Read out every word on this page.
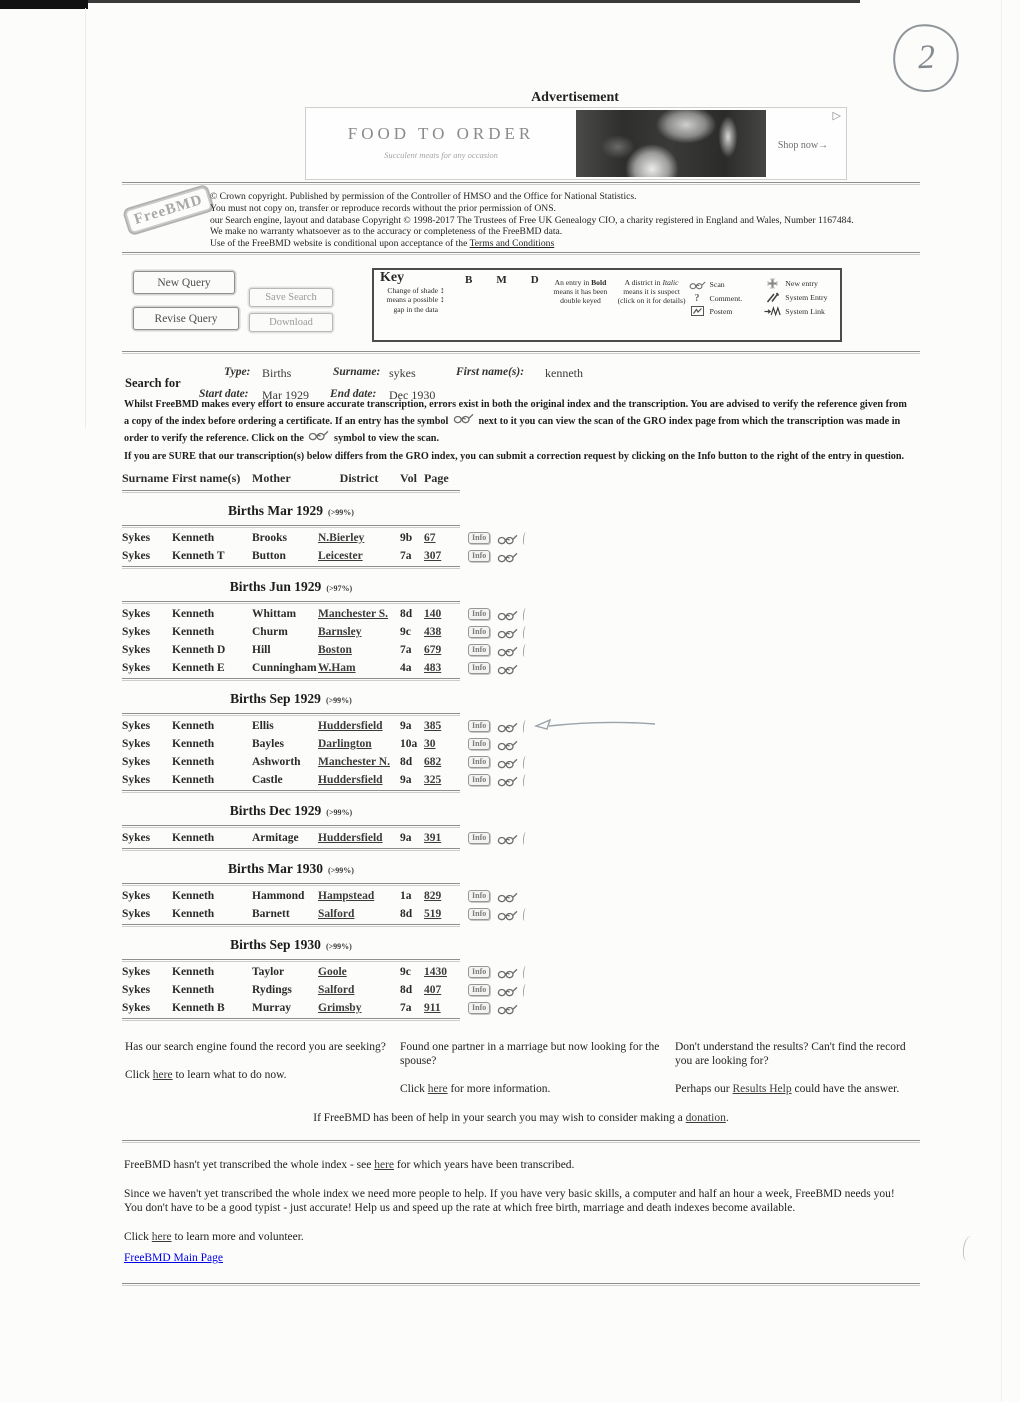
2
Advertisement
FOOD TO ORDER
Succulent meats for any occasion
Shop now→
▷
FreeBMD © Crown copyright. Published by permission of the Controller of HMSO and the Office for National Statistics.
You must not copy on, transfer or reproduce records without the prior permission of ONS.
our Search engine, layout and database Copyright © 1998-2017 The Trustees of Free UK Genealogy CIO, a charity registered in England and Wales, Number 1167484.
We make no warranty whatsoever as to the accuracy or completeness of the FreeBMD data.
Use of the FreeBMD website is conditional upon acceptance of the Terms and Conditions
New Query
Revise Query
Save Search
Download
Key
Change of shade means a possible gap in the data
↕
↕
B M D	An entry in Bold means it has been double keyed
A district in Italic means it is suspect (click on it for details)
Scan
? Comment.
Postem
New entry
System Entry
System Link
Search for
Type: Births	Surname: sykes	First name(s): kenneth
Start date: Mar 1929 End date: Dec 1930

Whilst FreeBMD makes every effort to ensure accurate transcription, errors exist in both the original index and the transcription. You are advised to verify the reference given from a copy of the index before ordering a certificate. If an entry has the symbol	next to it you can view the scan of the GRO index page from which the transcription was made in order to verify the reference. Click on the	symbol to view the scan.

If you are SURE that our transcription(s) below differs from the GRO index, you can submit a correction request by clicking on the Info button to the right of the entry in question.

Surname First name(s) Mother	District	Vol Page
Births Mar 1929 (>99%)
Sykes	Kenneth	Brooks	N.Bierley	9b	67	Info
Sykes	Kenneth T	Button	Leicester	7a	307	Info
Births Jun 1929 (>97%)
Sykes	Kenneth	Whittam	Manchester S.	8d	140	Info
Sykes	Kenneth	Churm	Barnsley	9c	438	Info
Sykes	Kenneth D	Hill	Boston	7a	679	Info
Sykes	Kenneth E	Cunningham W.Ham	4a	483	Info
Births Sep 1929 (>99%)
Sykes	Kenneth	Ellis	Huddersfield	9a	385	Info
Sykes	Kenneth	Bayles	Darlington	10a 30	Info
Sykes	Kenneth	Ashworth	Manchester N. 8d	682	Info
Sykes	Kenneth	Castle	Huddersfield	9a	325	Info
Births Dec 1929 (>99%)
Sykes	Kenneth	Armitage	Huddersfield	9a	391	Info
Births Mar 1930 (>99%)
Sykes	Kenneth	Hammond	Hampstead	1a	829	Info
Sykes	Kenneth	Barnett	Salford	8d	519	Info
Births Sep 1930 (>99%)
Sykes	Kenneth	Taylor	Goole	9c	1430	Info
Sykes	Kenneth	Rydings	Salford	8d	407	Info
Sykes	Kenneth B	Murray	Grimsby	7a	911	Info
Has our search engine found the record you are seeking?
Click here to learn what to do now.
Found one partner in a marriage but now looking for the spouse?
Click here for more information.
Don't understand the results? Can't find the record you are looking for?
Perhaps our Results Help could have the answer.
If FreeBMD has been of help in your search you may wish to consider making a donation.

FreeBMD hasn't yet transcribed the whole index - see here for which years have been transcribed.

Since we haven't yet transcribed the whole index we need more people to help. If you have very basic skills, a computer and half an hour a week, FreeBMD needs you! You don't have to be a good typist - just accurate! Help us and speed up the rate at which free birth, marriage and death indexes become available.

Click here to learn more and volunteer.

FreeBMD Main Page
